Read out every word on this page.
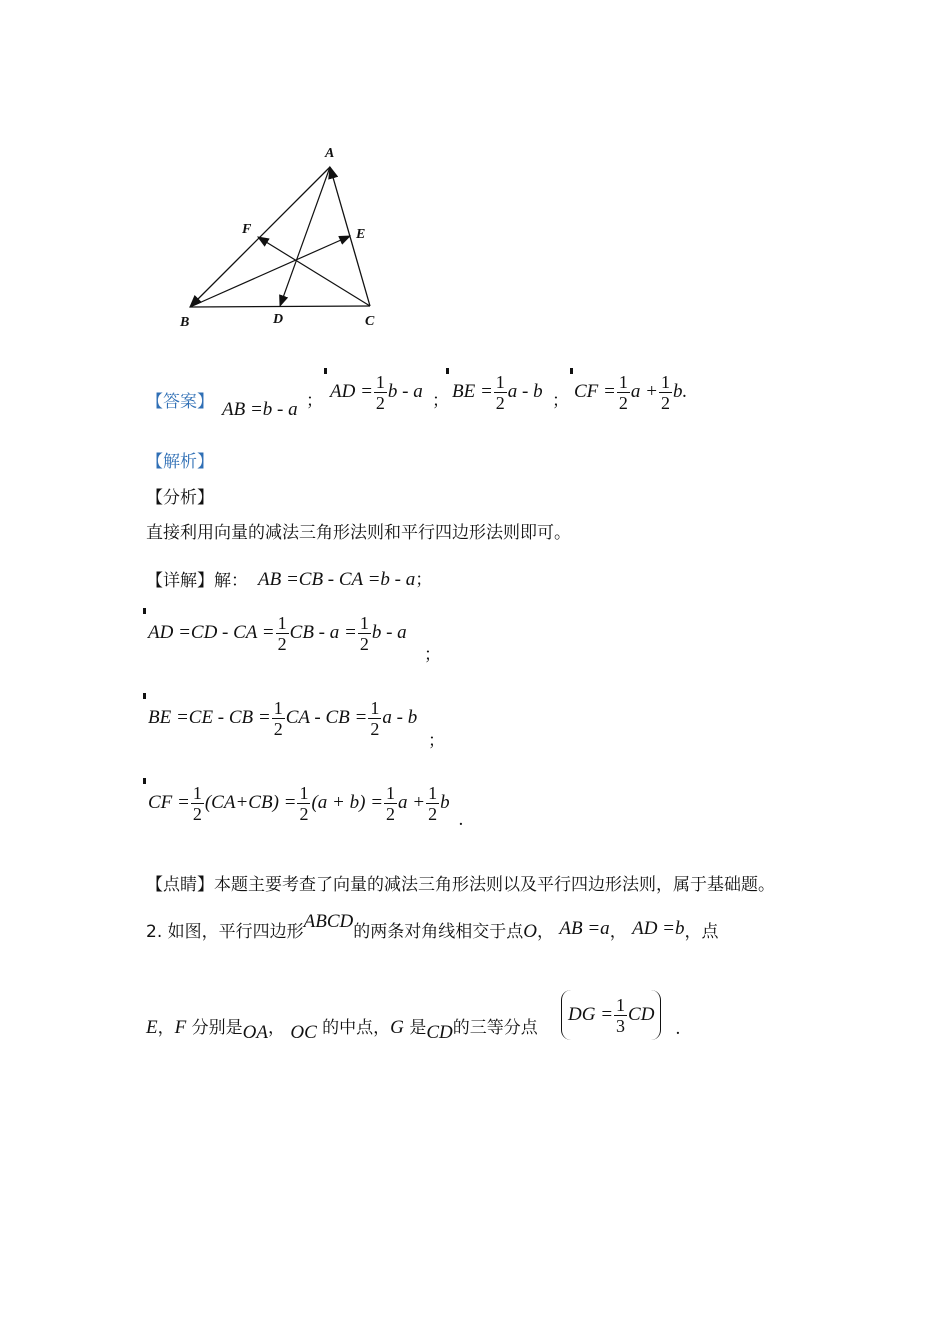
A
B	C
D
E
F
【答案】 AB =b - a ； AD = $\frac{1}{2}$ b - a ； BE = $\frac{1}{2}$ a - b ； CF = $\frac{1}{2}$ $a + \frac{1}{2} b$.
【解析】
【分析】
直接利用向量的减法三角形法则和平行四边形法则即可。
【详解】解： AB =CB - CA =b - a；
AD =CD - CA = $\frac{1}{2}$ CB - $a = \frac{1}{2}$ b - a
；
BE =CE - CB = $\frac{1}{2}$ CA - CB = $\frac{1}{2}$ a - b
；
CF = $\frac{1}{2} (CA+CB) = \frac{1}{2} (a + b) = \frac{1}{2}$ $a + \frac{1}{2}$ b
.
【点睛】本题主要考查了向量的减法三角形法则以及平行四边形法则，属于基础题。
2. 如图，平行四边形ABCD的两条对角线相交于点O， AB =a， AD =b，点
E，F 分别是OA， OC 的中点，G 是CD的三等分点
DG = $\frac{1}{3}$ CD
.
